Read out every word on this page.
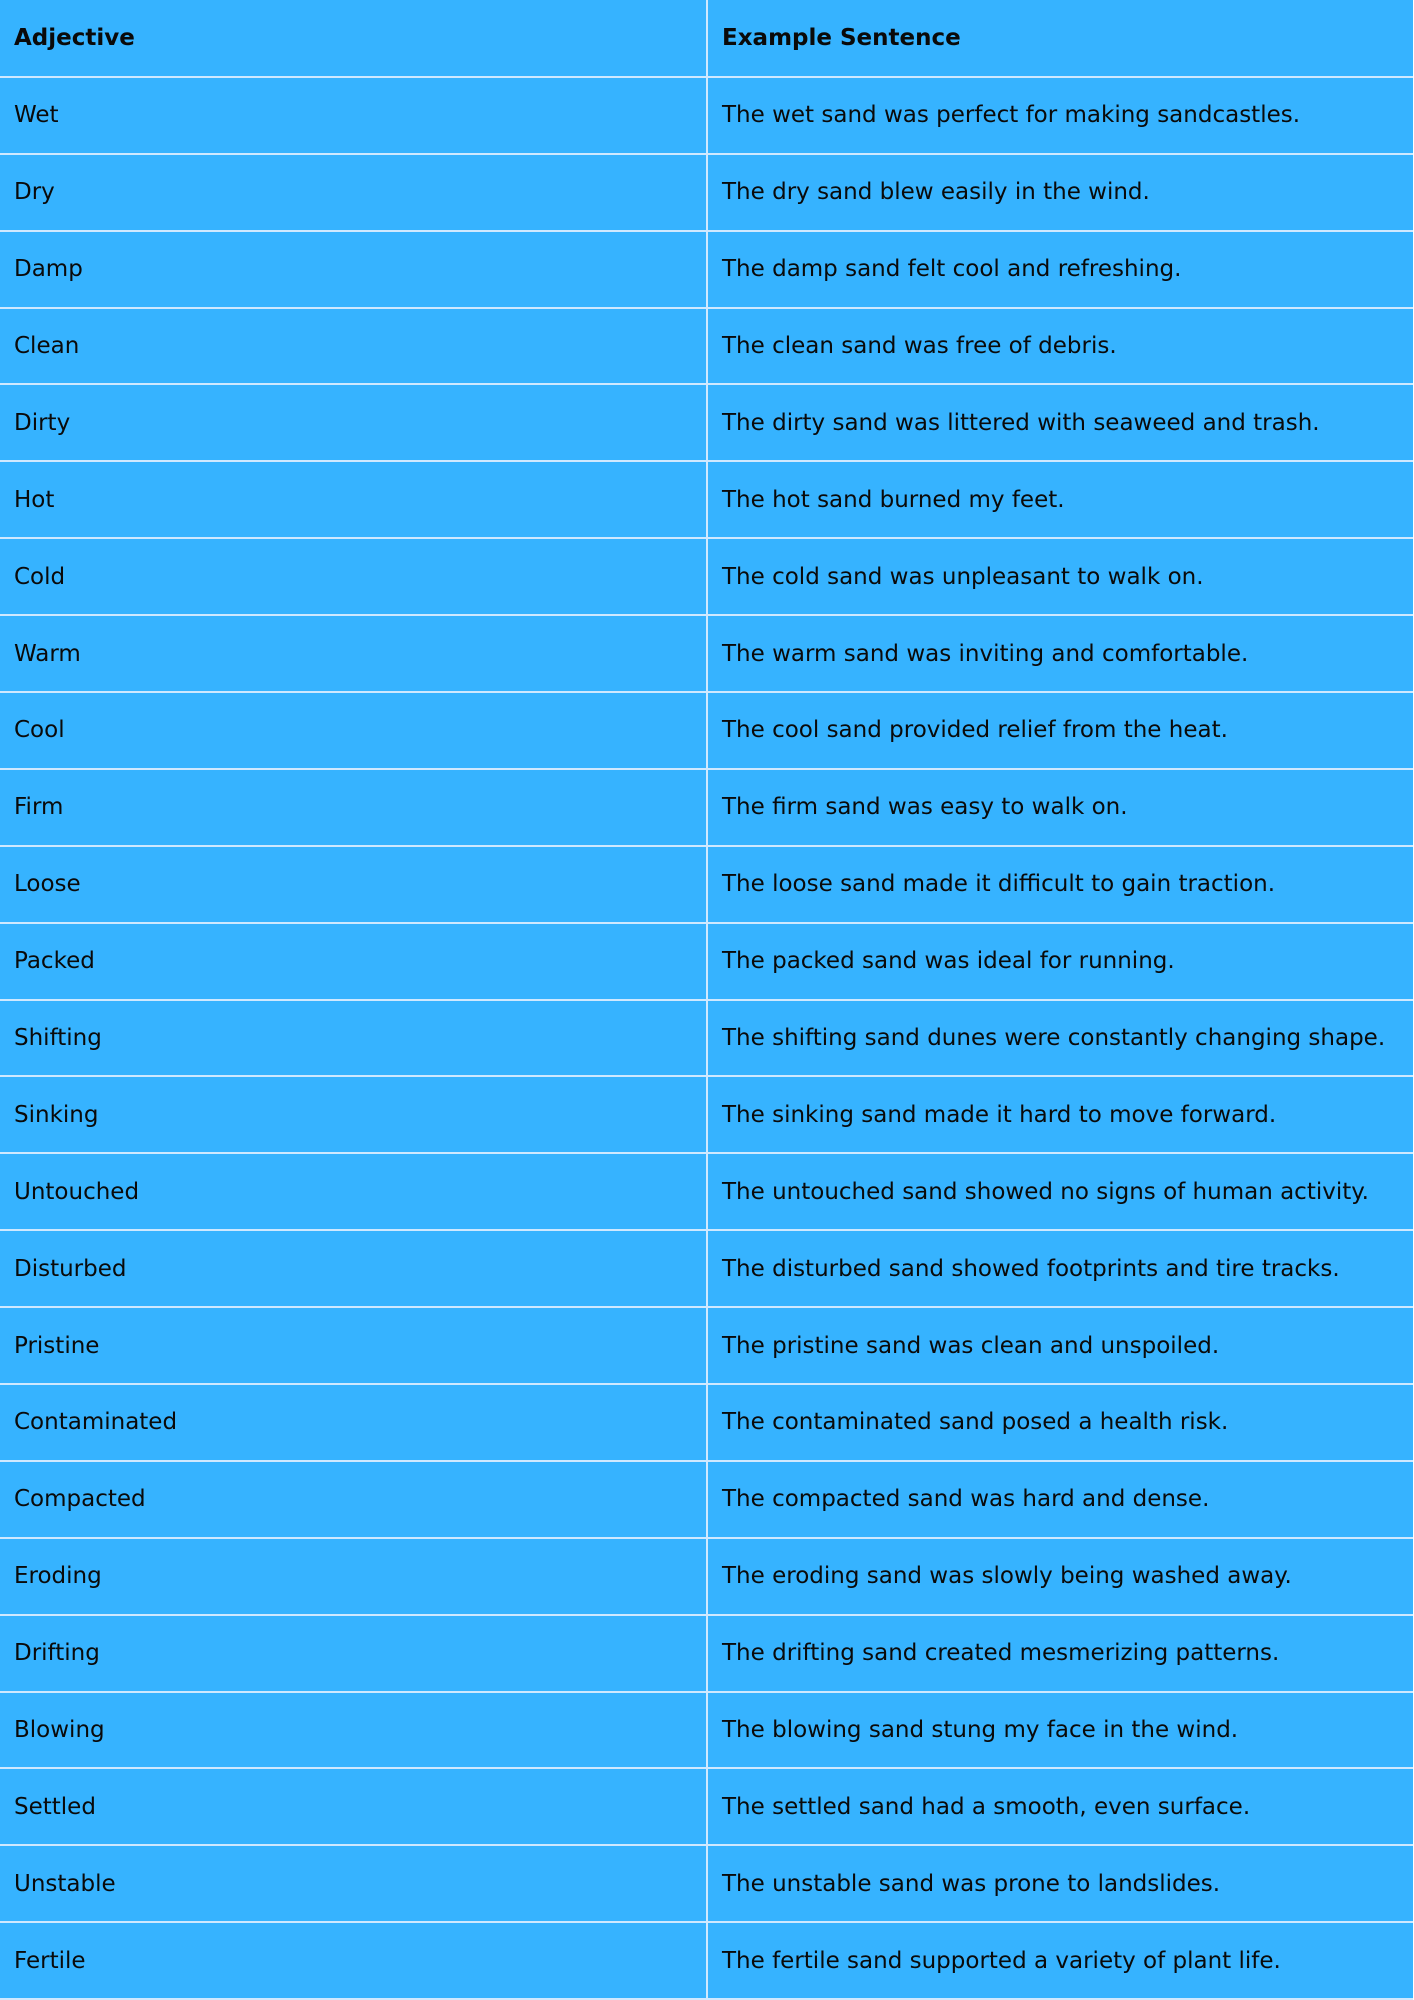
Adjective	Example Sentence
Wet	The wet sand was perfect for making sandcastles.
Dry	The dry sand blew easily in the wind.
Damp	The damp sand felt cool and refreshing.
Clean	The clean sand was free of debris.
Dirty	The dirty sand was littered with seaweed and trash.
Hot	The hot sand burned my feet.
Cold	The cold sand was unpleasant to walk on.
Warm	The warm sand was inviting and comfortable.
Cool	The cool sand provided relief from the heat.
Firm	The firm sand was easy to walk on.
Loose	The loose sand made it difficult to gain traction.
Packed	The packed sand was ideal for running.
Shifting	The shifting sand dunes were constantly changing shape.
Sinking	The sinking sand made it hard to move forward.
Untouched	The untouched sand showed no signs of human activity.
Disturbed	The disturbed sand showed footprints and tire tracks.
Pristine	The pristine sand was clean and unspoiled.
Contaminated	The contaminated sand posed a health risk.
Compacted	The compacted sand was hard and dense.
Eroding	The eroding sand was slowly being washed away.
Drifting	The drifting sand created mesmerizing patterns.
Blowing	The blowing sand stung my face in the wind.
Settled	The settled sand had a smooth, even surface.
Unstable	The unstable sand was prone to landslides.
Fertile	The fertile sand supported a variety of plant life.
